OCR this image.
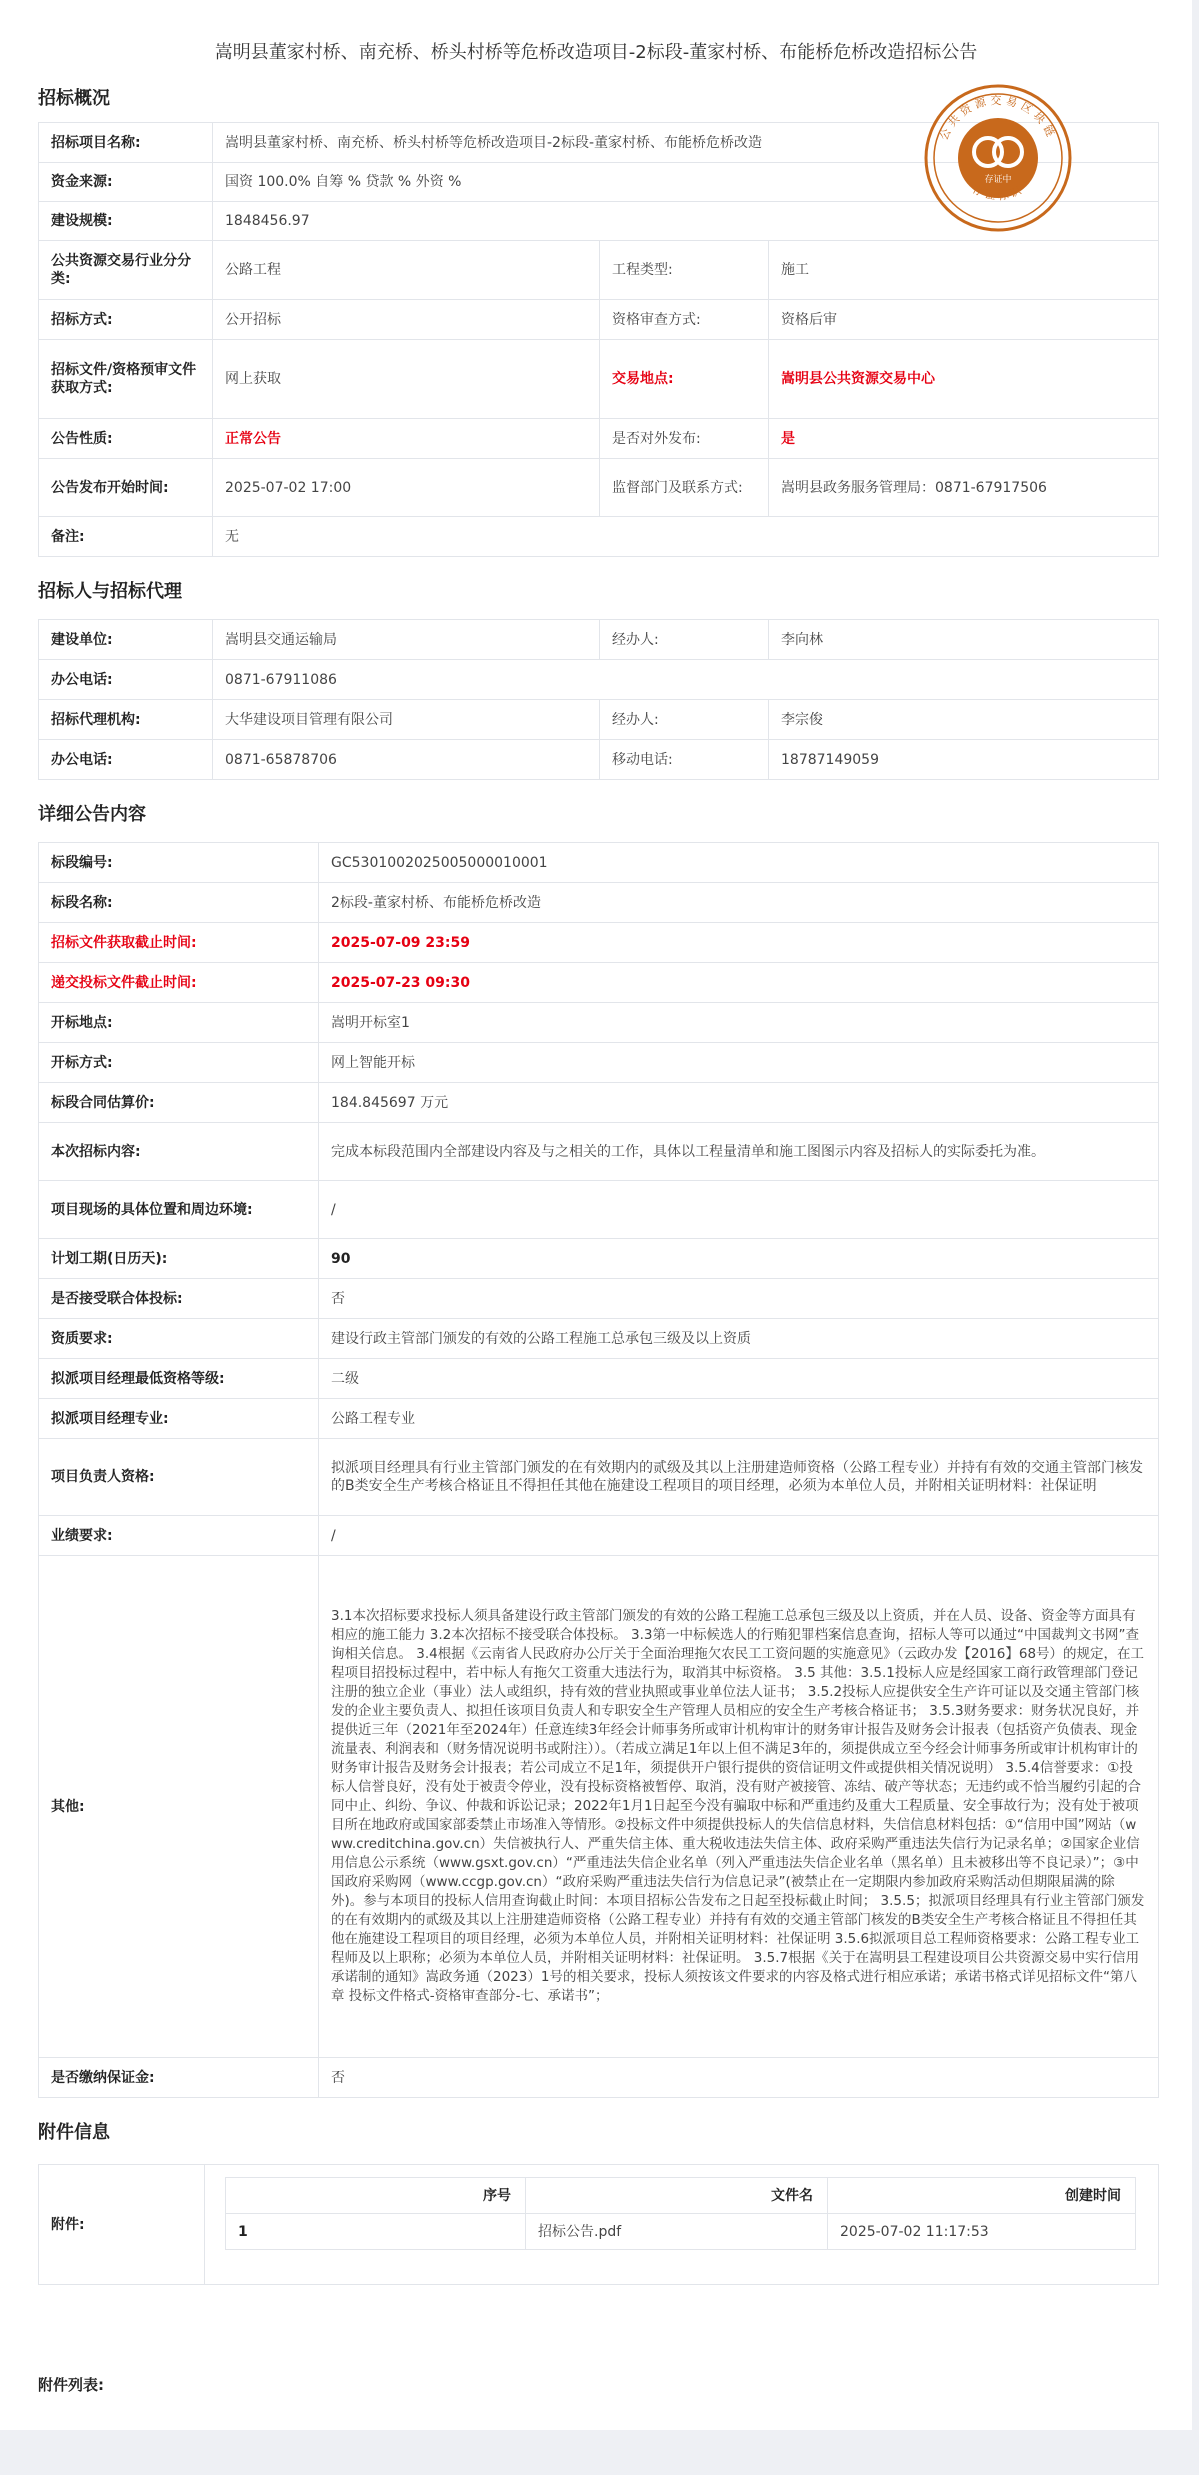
嵩明县董家村桥、南充桥、桥头村桥等危桥改造项目-2标段-董家村桥、布能桥危桥改造招标公告
招标概况
招标项目名称:	嵩明县董家村桥、南充桥、桥头村桥等危桥改造项目-2标段-董家村桥、布能桥危桥改造		
资金来源:	国资 100.0% 自筹 % 贷款 % 外资 %		
建设规模:	1848456.97		
公共资源交易行业分分类:	公路工程	工程类型:	施工
招标方式:	公开招标	资格审查方式:	资格后审
招标文件/资格预审文件获取方式:	网上获取	交易地点:	嵩明县公共资源交易中心
公告性质:	正常公告	是否对外发布:	是
公告发布开始时间:	2025-07-02 17:00	监督部门及联系方式:	嵩明县政务服务管理局：0871-67917506
备注:	无		
招标人与招标代理
建设单位:	嵩明县交通运输局	经办人:	李向林
办公电话:	0871-67911086		
招标代理机构:	大华建设项目管理有限公司	经办人:	李宗俊
办公电话:	0871-65878706	移动电话:	18787149059
详细公告内容
标段编号:	GC5301002025005000010001
标段名称:	2标段-董家村桥、布能桥危桥改造
招标文件获取截止时间:	2025-07-09 23:59
递交投标文件截止时间:	2025-07-23 09:30
开标地点:	嵩明开标室1
开标方式:	网上智能开标
标段合同估算价:	184.845697 万元
本次招标内容:	完成本标段范围内全部建设内容及与之相关的工作，具体以工程量清单和施工图图示内容及招标人的实际委托为准。
项目现场的具体位置和周边环境:	/
计划工期(日历天):	90
是否接受联合体投标:	否
资质要求:	建设行政主管部门颁发的有效的公路工程施工总承包三级及以上资质
拟派项目经理最低资格等级:	二级
拟派项目经理专业:	公路工程专业
项目负责人资格:	拟派项目经理具有行业主管部门颁发的在有效期内的贰级及其以上注册建造师资格（公路工程专业）并持有有效的交通主管部门核发的B类安全生产考核合格证且不得担任其他在施建设工程项目的项目经理，必须为本单位人员，并附相关证明材料：社保证明
业绩要求:	/
其他:	3.1本次招标要求投标人须具备建设行政主管部门颁发的有效的公路工程施工总承包三级及以上资质，并在人员、设备、资金等方面具有相应的施工能力 3.2本次招标不接受联合体投标。 3.3第一中标候选人的行贿犯罪档案信息查询，招标人等可以通过“中国裁判文书网”查询相关信息。 3.4根据《云南省人民政府办公厅关于全面治理拖欠农民工工资问题的实施意见》（云政办发【2016】68号）的规定，在工程项目招投标过程中，若中标人有拖欠工资重大违法行为，取消其中标资格。 3.5 其他：3.5.1投标人应是经国家工商行政管理部门登记注册的独立企业（事业）法人或组织，持有效的营业执照或事业单位法人证书； 3.5.2投标人应提供安全生产许可证以及交通主管部门核发的企业主要负责人、拟担任该项目负责人和专职安全生产管理人员相应的安全生产考核合格证书； 3.5.3财务要求：财务状况良好，并提供近三年（2021年至2024年）任意连续3年经会计师事务所或审计机构审计的财务审计报告及财务会计报表（包括资产负债表、现金流量表、利润表和（财务情况说明书或附注））。（若成立满足1年以上但不满足3年的，须提供成立至今经会计师事务所或审计机构审计的财务审计报告及财务会计报表；若公司成立不足1年，须提供开户银行提供的资信证明文件或提供相关情况说明） 3.5.4信誉要求：①投标人信誉良好，没有处于被责令停业，没有投标资格被暂停、取消，没有财产被接管、冻结、破产等状态；无违约或不恰当履约引起的合同中止、纠纷、争议、仲裁和诉讼记录；2022年1月1日起至今没有骗取中标和严重违约及重大工程质量、安全事故行为；没有处于被项目所在地政府或国家部委禁止市场准入等情形。②投标文件中须提供投标人的失信信息材料，失信信息材料包括：①“信用中国”网站（www.creditchina.gov.cn）失信被执行人、严重失信主体、重大税收违法失信主体、政府采购严重违法失信行为记录名单；②国家企业信用信息公示系统（www.gsxt.gov.cn）“严重违法失信企业名单（列入严重违法失信企业名单（黑名单）且未被移出等不良记录）”；③中国政府采购网（www.ccgp.gov.cn）“政府采购严重违法失信行为信息记录”(被禁止在一定期限内参加政府采购活动但期限届满的除外)。参与本项目的投标人信用查询截止时间：本项目招标公告发布之日起至投标截止时间； 3.5.5；拟派项目经理具有行业主管部门颁发的在有效期内的贰级及其以上注册建造师资格（公路工程专业）并持有有效的交通主管部门核发的B类安全生产考核合格证且不得担任其他在施建设工程项目的项目经理，必须为本单位人员，并附相关证明材料：社保证明 3.5.6拟派项目总工程师资格要求：公路工程专业工程师及以上职称；必须为本单位人员，并附相关证明材料：社保证明。 3.5.7根据《关于在嵩明县工程建设项目公共资源交易中实行信用承诺制的通知》嵩政务通（2023）1号的相关要求，投标人须按该文件要求的内容及格式进行相应承诺；承诺书格式详见招标文件“第八章 投标文件格式-资格审查部分-七、承诺书”；
是否缴纳保证金:	否
附件信息
附件:	
序号	文件名	创建时间
1	招标公告.pdf	2025-07-02 11:17:53
附件列表:
公共资源交易区块链
存证中
存证标识
